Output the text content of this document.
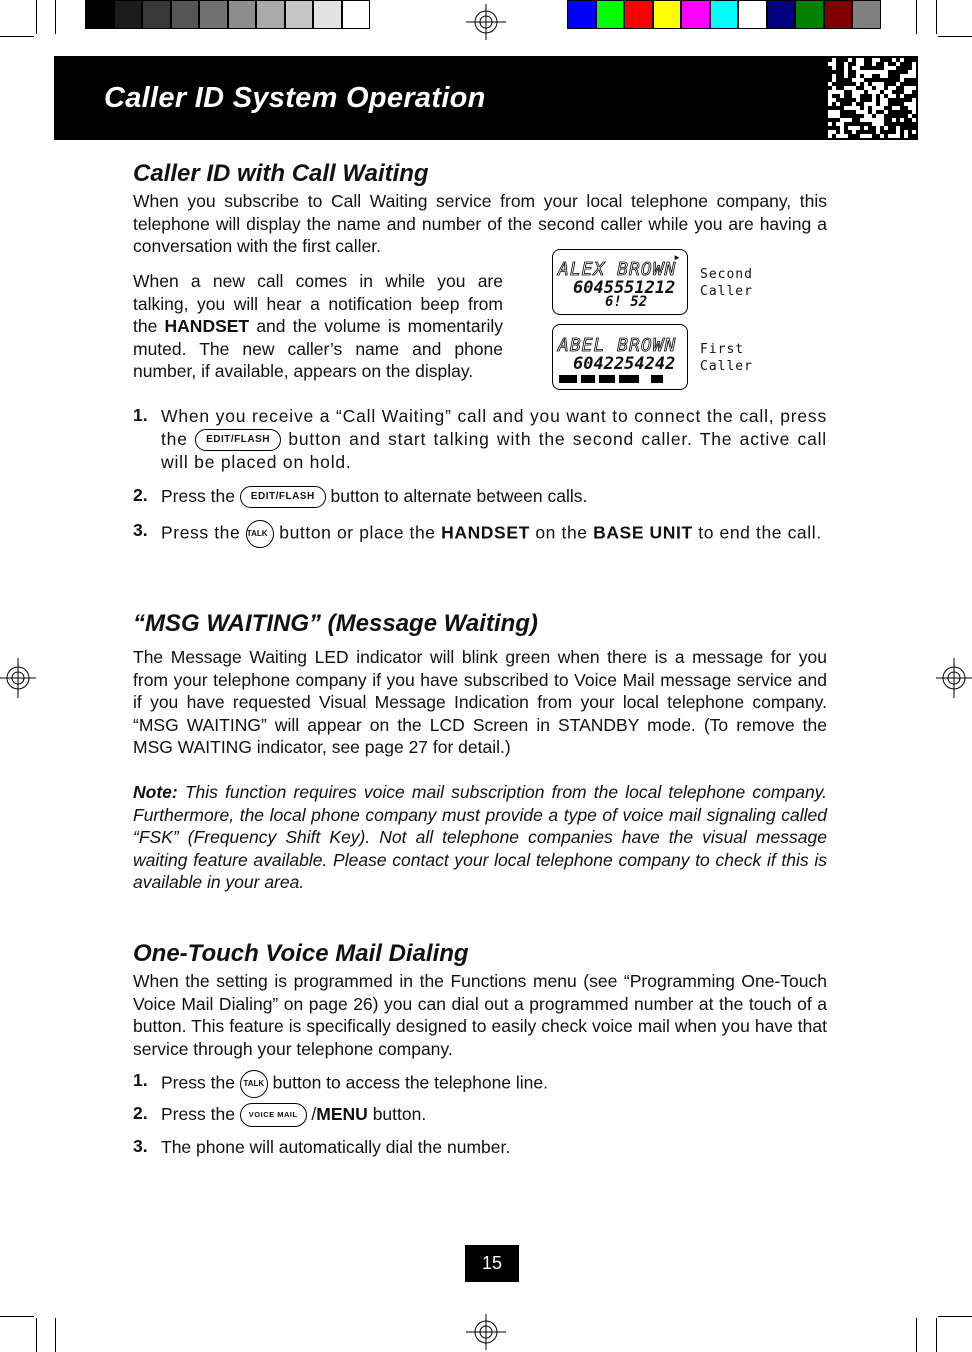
Caller ID System Operation
Caller ID with Call Waiting

When you subscribe to Call Waiting service from your local telephone company, this telephone will display the name and number of the second caller while you are having a conversation with the first caller.

When a new call comes in while you are talking, you will hear a notification beep from the HANDSET and the volume is momentarily muted. The new caller’s name and phone number, if available, appears on the display.

►
ALEX BROWN
6045551212
6! 52
Second
Caller
ABEL BROWN
6042254242
First
Caller
1. When you receive a “Call Waiting” call and you want to connect the call, press the EDIT/FLASH button and start talking with the second caller. The active call will be placed on hold.

2. Press the EDIT/FLASH button to alternate between calls.

3. Press the TALK button or place the HANDSET on the BASE UNIT to end the call.

“MSG WAITING” (Message Waiting)

The Message Waiting LED indicator will blink green when there is a message for you from your telephone company if you have subscribed to Voice Mail message service and if you have requested Visual Message Indication from your local telephone company. “MSG WAITING” will appear on the LCD Screen in STANDBY mode. (To remove the MSG WAITING indicator, see page 27 for detail.)

Note: This function requires voice mail subscription from the local telephone company. Furthermore, the local phone company must provide a type of voice mail signaling called “FSK” (Frequency Shift Key). Not all telephone companies have the visual message waiting feature available. Please contact your local telephone company to check if this is available in your area.

One-Touch Voice Mail Dialing

When the setting is programmed in the Functions menu (see “Programming One-Touch Voice Mail Dialing” on page 26) you can dial out a programmed number at the touch of a button. This feature is specifically designed to easily check voice mail when you have that service through your telephone company.

1. Press the TALK button to access the telephone line.

2. Press the VOICE MAIL /MENU button.

3. The phone will automatically dial the number.

15
